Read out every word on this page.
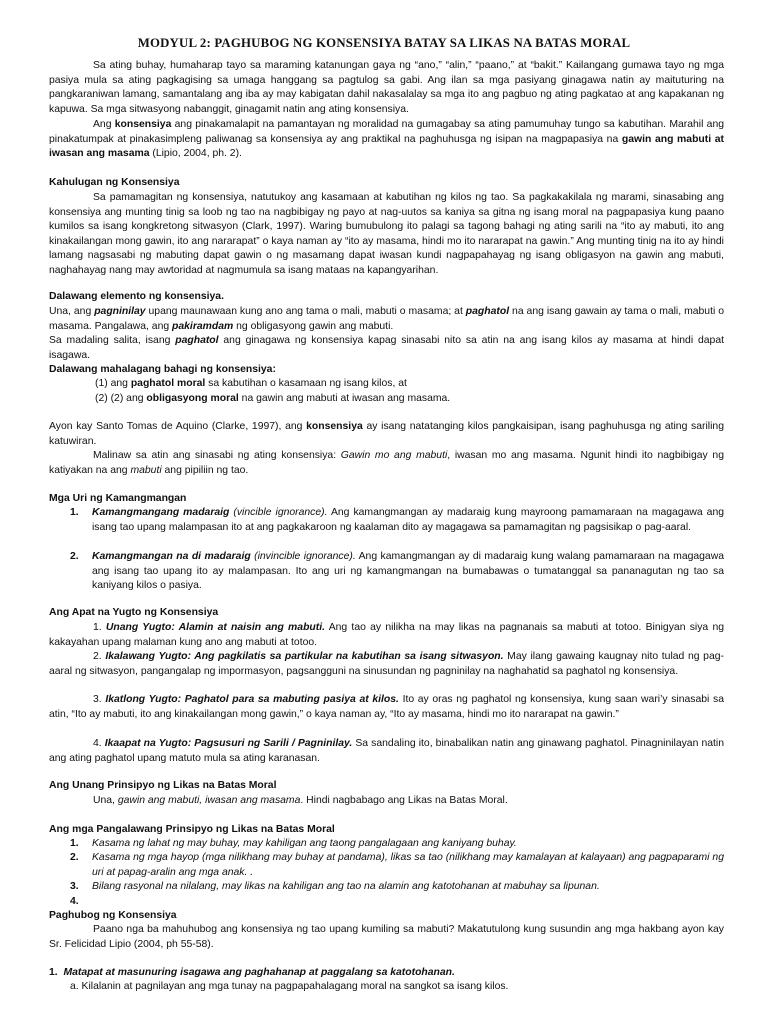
MODYUL 2: PAGHUBOG NG KONSENSIYA BATAY SA LIKAS NA BATAS MORAL
Sa ating buhay, humaharap tayo sa maraming katanungan gaya ng “ano,” “alin,” “paano,” at “bakit.” Kailangang gumawa tayo ng mga pasiya mula sa ating pagkagising sa umaga hanggang sa pagtulog sa gabi. Ang ilan sa mga pasiyang ginagawa natin ay maituturing na pangkaraniwan lamang, samantalang ang iba ay may kabigatan dahil nakasalalay sa mga ito ang pagbuo ng ating pagkatao at ang kapakanan ng kapuwa. Sa mga sitwasyong nabanggit, ginagamit natin ang ating konsensiya.
Ang konsensiya ang pinakamalapit na pamantayan ng moralidad na gumagabay sa ating pamumuhay tungo sa kabutihan. Marahil ang pinakatumpak at pinakasimpleng paliwanag sa konsensiya ay ang praktikal na paghuhusga ng isipan na magpapasiya na gawin ang mabuti at iwasan ang masama (Lipio, 2004, ph. 2).
Kahulugan ng Konsensiya
Sa pamamagitan ng konsensiya, natutukoy ang kasamaan at kabutihan ng kilos ng tao. Sa pagkakakilala ng marami, sinasabing ang konsensiya ang munting tinig sa loob ng tao na nagbibigay ng payo at nag-uutos sa kaniya sa gitna ng isang moral na pagpapasiya kung paano kumilos sa isang kongkretong sitwasyon (Clark, 1997). Waring bumubulong ito palagi sa tagong bahagi ng ating sarili na “ito ay mabuti, ito ang kinakailangan mong gawin, ito ang nararapat” o kaya naman ay “ito ay masama, hindi mo ito nararapat na gawin.” Ang munting tinig na ito ay hindi lamang nagsasabi ng mabuting dapat gawin o ng masamang dapat iwasan kundi nagpapahayag ng isang obligasyon na gawin ang mabuti, naghahayag nang may awtoridad at nagmumula sa isang mataas na kapangyarihan.
Dalawang elemento ng konsensiya.
Una, ang pagninilay upang maunawaan kung ano ang tama o mali, mabuti o masama; at paghatol na ang isang gawain ay tama o mali, mabuti o masama. Pangalawa, ang pakiramdam ng obligasyong gawin ang mabuti.
Sa madaling salita, isang paghatol ang ginagawa ng konsensiya kapag sinasabi nito sa atin na ang isang kilos ay masama at hindi dapat isagawa.
Dalawang mahalagang bahagi ng konsensiya:
(1) ang paghatol moral sa kabutihan o kasamaan ng isang kilos, at
(2) (2) ang obligasyong moral na gawin ang mabuti at iwasan ang masama.
Ayon kay Santo Tomas de Aquino (Clarke, 1997), ang konsensiya ay isang natatanging kilos pangkaisipan, isang paghuhusga ng ating sariling katuwiran.
Malinaw sa atin ang sinasabi ng ating konsensiya: Gawin mo ang mabuti, iwasan mo ang masama. Ngunit hindi ito nagbibigay ng katiyakan na ang mabuti ang pipiliin ng tao.
Mga Uri ng Kamangmangan
1. Kamangmangang madaraig (vincible ignorance). Ang kamangmangan ay madaraig kung mayroong pamamaraan na magagawa ang isang tao upang malampasan ito at ang pagkakaroon ng kaalaman dito ay magagawa sa pamamagitan ng pagsisikap o pag-aaral.
2. Kamangmangan na di madaraig (invincible ignorance). Ang kamangmangan ay di madaraig kung walang pamamaraan na magagawa ang isang tao upang ito ay malampasan. Ito ang uri ng kamangmangan na bumabawas o tumatanggal sa pananagutan ng tao sa kaniyang kilos o pasiya.
Ang Apat na Yugto ng Konsensiya
1. Unang Yugto: Alamin at naisin ang mabuti. Ang tao ay nilikha na may likas na pagnanais sa mabuti at totoo. Binigyan siya ng kakayahan upang malaman kung ano ang mabuti at totoo.
2. Ikalawang Yugto: Ang pagkilatis sa partikular na kabutihan sa isang sitwasyon. May ilang gawaing kaugnay nito tulad ng pag-aaral ng sitwasyon, pangangalap ng impormasyon, pagsangguni na sinusundan ng pagninilay na naghahatid sa paghatol ng konsensiya.
3. Ikatlong Yugto: Paghatol para sa mabuting pasiya at kilos. Ito ay oras ng paghatol ng konsensiya, kung saan wari’y sinasabi sa atin, “Ito ay mabuti, ito ang kinakailangan mong gawin,” o kaya naman ay, “Ito ay masama, hindi mo ito nararapat na gawin.”
4. Ikaapat na Yugto: Pagsusuri ng Sarili / Pagninilay. Sa sandaling ito, binabalikan natin ang ginawang paghatol. Pinagninilayan natin ang ating paghatol upang matuto mula sa ating karanasan.
Ang Unang Prinsipyo ng Likas na Batas Moral
Una, gawin ang mabuti, iwasan ang masama. Hindi nagbabago ang Likas na Batas Moral.
Ang mga Pangalawang Prinsipyo ng Likas na Batas Moral
1. Kasama ng lahat ng may buhay, may kahiligan ang taong pangalagaan ang kaniyang buhay.
2. Kasama ng mga hayop (mga nilikhang may buhay at pandama), likas sa tao (nilikhang may kamalayan at kalayaan) ang pagpaparami ng uri at papag-aralin ang mga anak. .
3. Bilang rasyonal na nilalang, may likas na kahiligan ang tao na alamin ang katotohanan at mabuhay sa lipunan.
4.
Paghubog ng Konsensiya
Paano nga ba mahuhubog ang konsensiya ng tao upang kumiling sa mabuti? Makatutulong kung susundin ang mga hakbang ayon kay Sr. Felicidad Lipio (2004, ph 55-58).
1. Matapat at masunuring isagawa ang paghahanap at paggalang sa katotohanan.
a. Kilalanin at pagnilayan ang mga tunay na pagpapahalagang moral na sangkot sa isang kilos.
